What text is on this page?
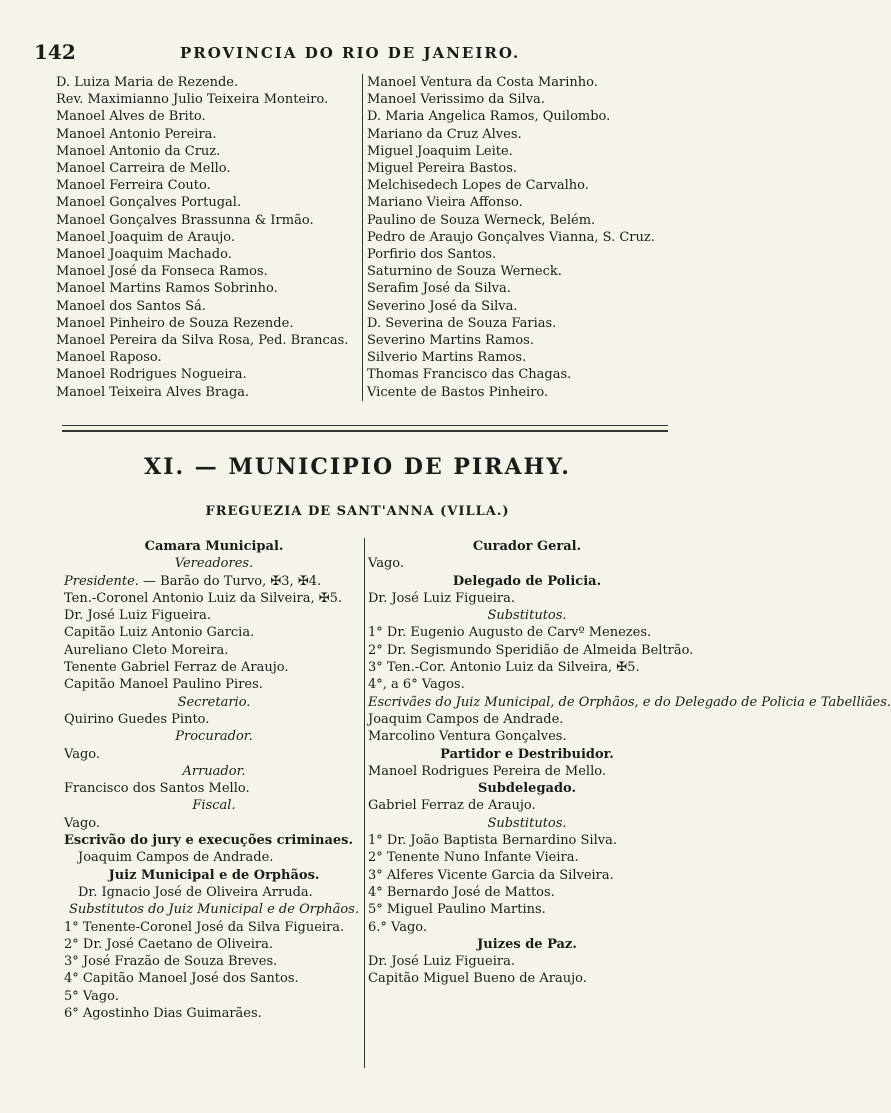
142	PROVINCIA DO RIO DE JANEIRO.
D. Luiza Maria de Rezende.
Rev. Maximianno Julio Teixeira Monteiro.
Manoel Alves de Brito.
Manoel Antonio Pereira.
Manoel Antonio da Cruz.
Manoel Carreira de Mello.
Manoel Ferreira Couto.
Manoel Gonçalves Portugal.
Manoel Gonçalves Brassunna & Irmão.
Manoel Joaquim de Araujo.
Manoel Joaquim Machado.
Manoel José da Fonseca Ramos.
Manoel Martins Ramos Sobrinho.
Manoel dos Santos Sá.
Manoel Pinheiro de Souza Rezende.
Manoel Pereira da Silva Rosa, Ped. Brancas.
Manoel Raposo.
Manoel Rodrigues Nogueira.
Manoel Teixeira Alves Braga.
Manoel Ventura da Costa Marinho.
Manoel Verissimo da Silva.
D. Maria Angelica Ramos, Quilombo.
Mariano da Cruz Alves.
Miguel Joaquim Leite.
Miguel Pereira Bastos.
Melchisedech Lopes de Carvalho.
Mariano Vieira Affonso.
Paulino de Souza Werneck, Belém.
Pedro de Araujo Gonçalves Vianna, S. Cruz.
Porfirio dos Santos.
Saturnino de Souza Werneck.
Serafim José da Silva.
Severino José da Silva.
D. Severina de Souza Farias.
Severino Martins Ramos.
Silverio Martins Ramos.
Thomas Francisco das Chagas.
Vicente de Bastos Pinheiro.
XI. — MUNICIPIO DE PIRAHY.
FREGUEZIA DE SANT'ANNA (VILLA.)
Camara Municipal.
Vereadores.
Presidente. — Barão do Turvo, ✠3, ✠4.
Ten.-Coronel Antonio Luiz da Silveira, ✠5.
Dr. José Luiz Figueira.
Capitão Luiz Antonio Garcia.
Aureliano Cleto Moreira.
Tenente Gabriel Ferraz de Araujo.
Capitão Manoel Paulino Pires.
Secretario.
Quirino Guedes Pinto.
Procurador.
Vago.
Arruador.
Francisco dos Santos Mello.
Fiscal.
Vago.
Escrivão do jury e execuções criminaes.
Joaquim Campos de Andrade.
Juiz Municipal e de Orphãos.
Dr. Ignacio José de Oliveira Arruda.
Substitutos do Juiz Municipal e de Orphãos.
1° Tenente-Coronel José da Silva Figueira.
2° Dr. José Caetano de Oliveira.
3° José Frazão de Souza Breves.
4° Capitão Manoel José dos Santos.
5° Vago.
6° Agostinho Dias Guimarães.
Curador Geral.
Vago.
Delegado de Policia.
Dr. José Luiz Figueira.
Substitutos.
1° Dr. Eugenio Augusto de Carvº Menezes.
2° Dr. Segismundo Speridião de Almeida Beltrão.
3° Ten.-Cor. Antonio Luiz da Silveira, ✠5.
4°, a 6° Vagos.
Escrivães do Juiz Municipal, de Orphãos, e do Delegado de Policia e Tabelliães.
Joaquim Campos de Andrade.
Marcolino Ventura Gonçalves.
Partidor e Destribuidor.
Manoel Rodrigues Pereira de Mello.
Subdelegado.
Gabriel Ferraz de Araujo.
Substitutos.
1° Dr. João Baptista Bernardino Silva.
2° Tenente Nuno Infante Vieira.
3° Alferes Vicente Garcia da Silveira.
4° Bernardo José de Mattos.
5° Miguel Paulino Martins.
6.° Vago.
Juizes de Paz.
Dr. José Luiz Figueira.
Capitão Miguel Bueno de Araujo.
